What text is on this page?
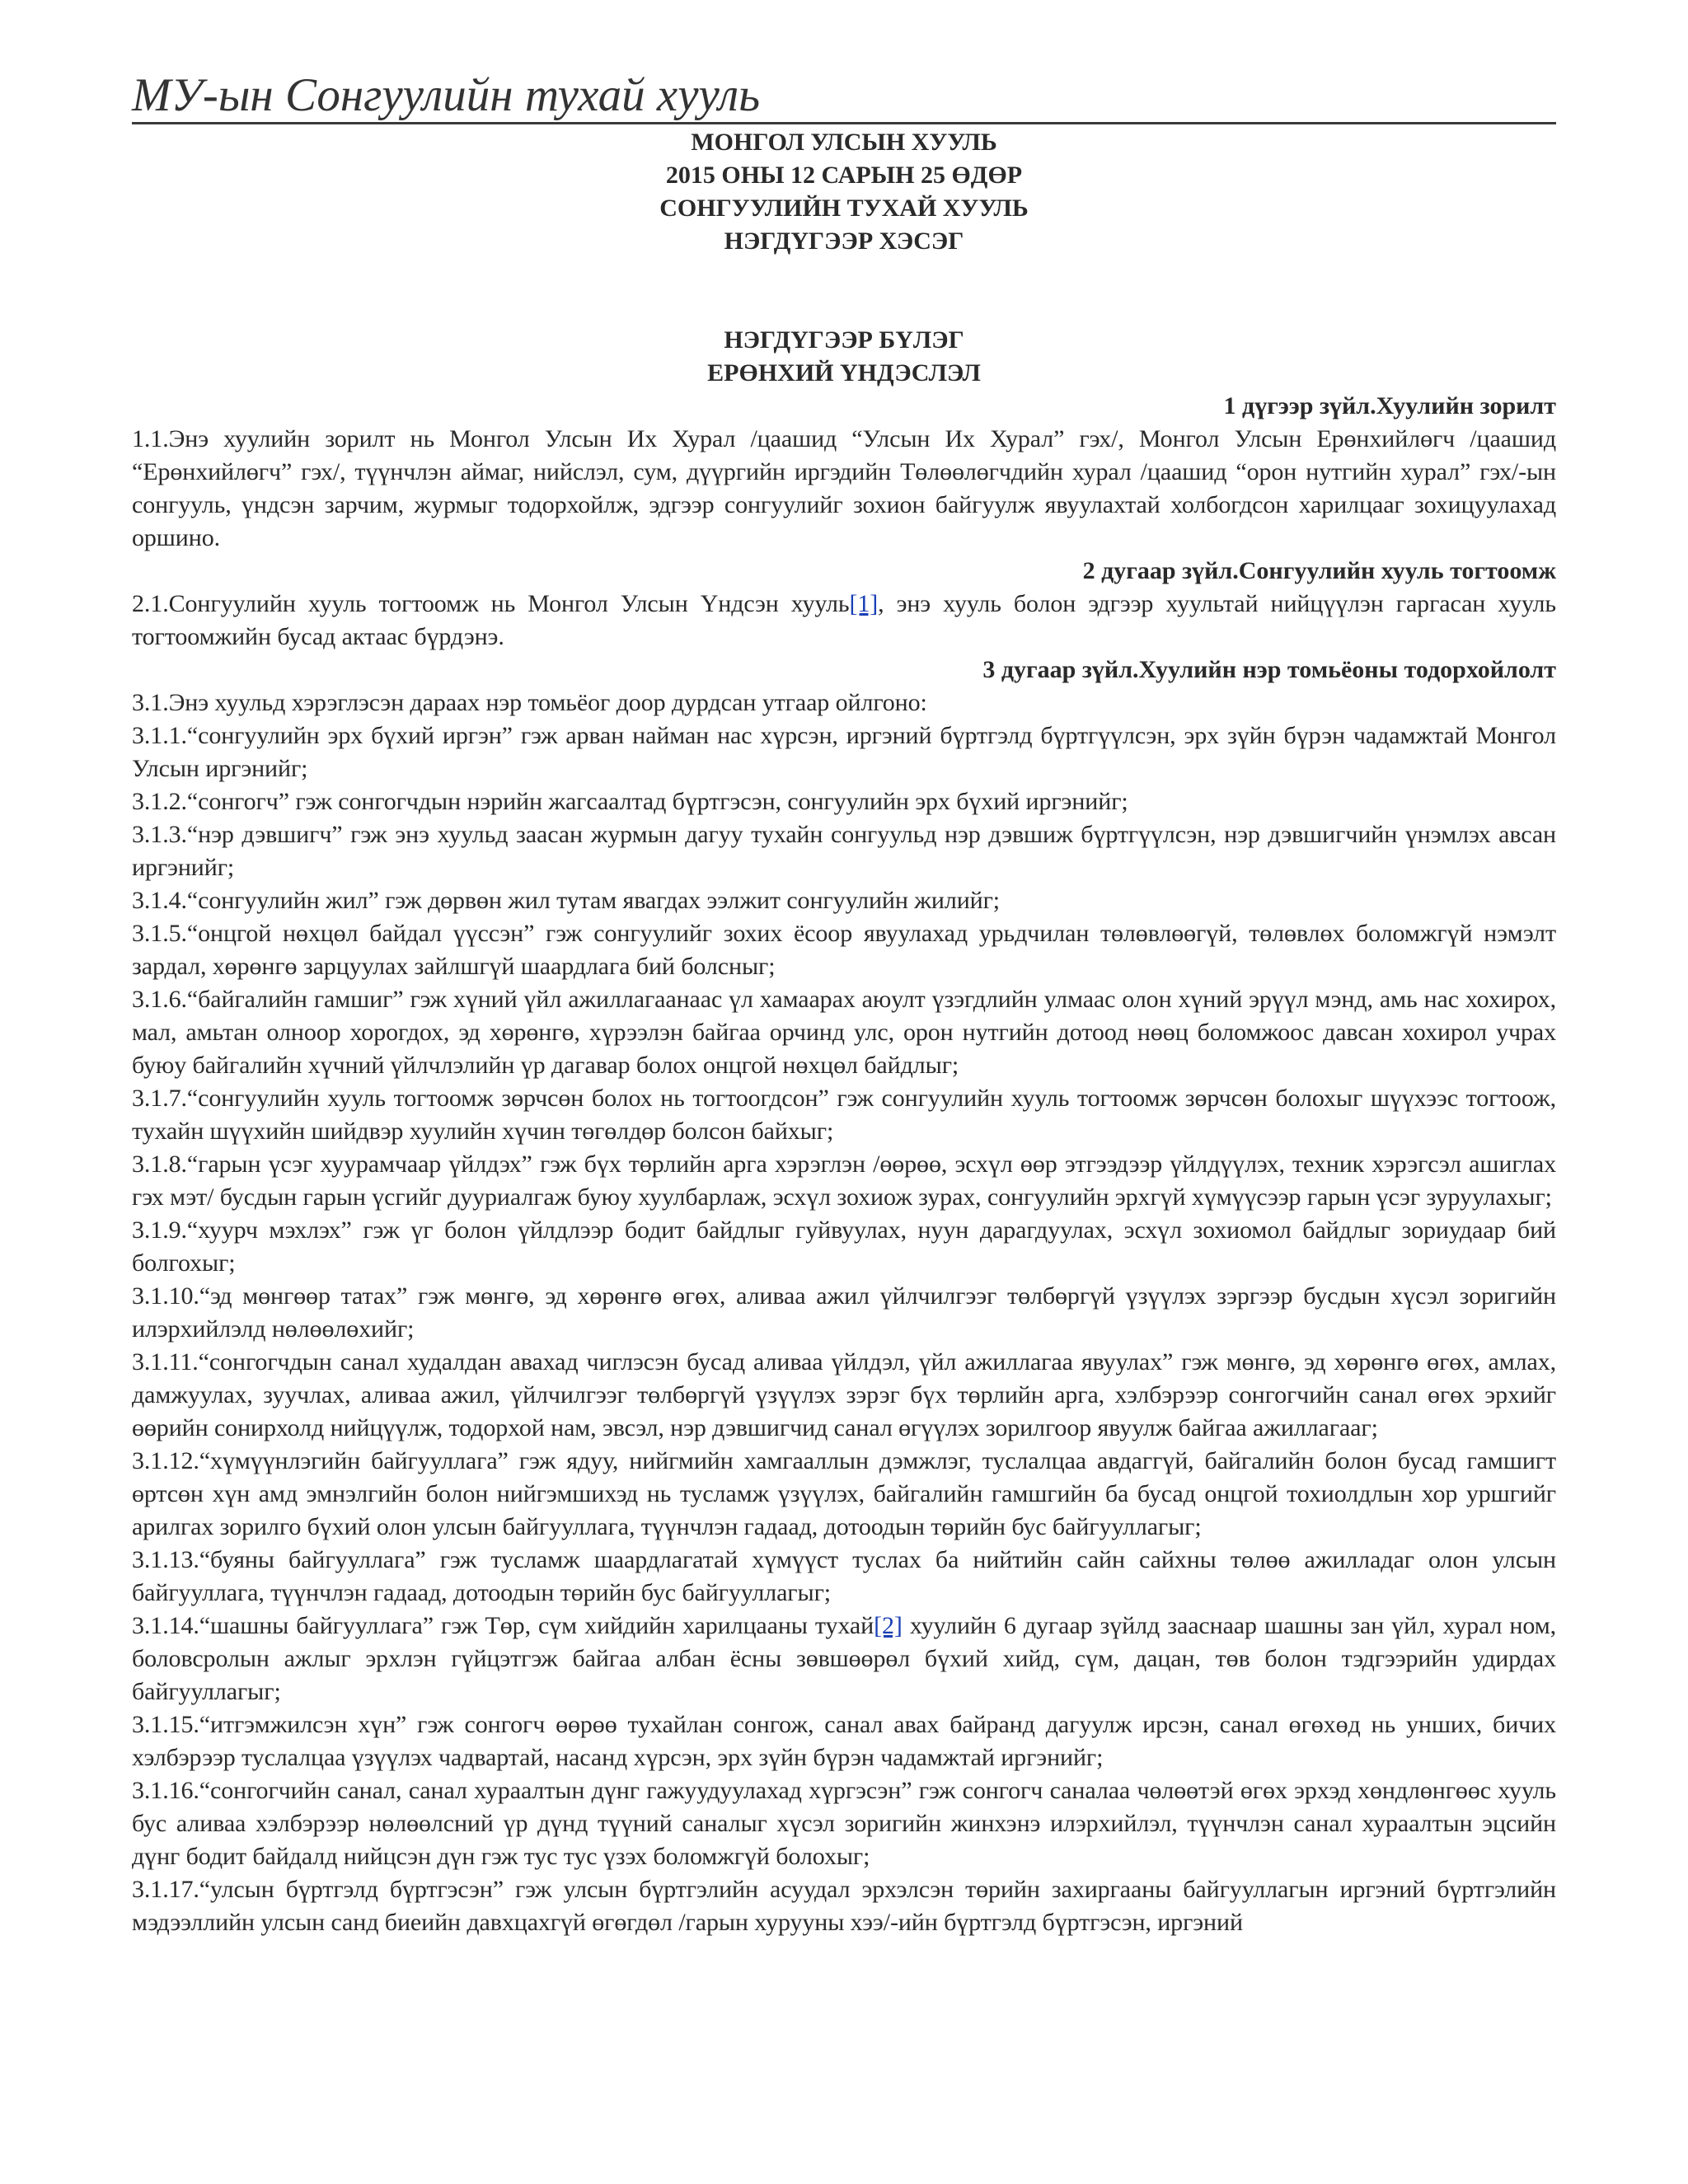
МУ-ын Сонгуулийн тухай хууль
МОНГОЛ УЛСЫН ХУУЛЬ
2015 ОНЫ 12 САРЫН 25 ӨДӨР
СОНГУУЛИЙН ТУХАЙ ХУУЛЬ
НЭГДҮГЭЭР ХЭСЭГ
НЭГДҮГЭЭР БҮЛЭГ
ЕРӨНХИЙ ҮНДЭСЛЭЛ
1 дүгээр зүйл.Хуулийн зорилт
1.1.Энэ хуулийн зорилт нь Монгол Улсын Их Хурал /цаашид “Улсын Их Хурал” гэх/, Монгол Улсын Ерөнхийлөгч /цаашид “Ерөнхийлөгч” гэх/, түүнчлэн аймаг, нийслэл, сум, дүүргийн иргэдийн Төлөөлөгчдийн хурал /цаашид “орон нутгийн хурал” гэх/-ын сонгууль, үндсэн зарчим, журмыг тодорхойлж, эдгээр сонгуулийг зохион байгуулж явуулахтай холбогдсон харилцааг зохицуулахад оршино.
2 дугаар зүйл.Сонгуулийн хууль тогтоомж
2.1.Сонгуулийн хууль тогтоомж нь Монгол Улсын Үндсэн хууль[1], энэ хууль болон эдгээр хуультай нийцүүлэн гаргасан хууль тогтоомжийн бусад актаас бүрдэнэ.
3 дугаар зүйл.Хуулийн нэр томьёоны тодорхойлолт
3.1.Энэ хуульд хэрэглэсэн дараах нэр томьёог доор дурдсан утгаар ойлгоно:
3.1.1.“сонгуулийн эрх бүхий иргэн” гэж арван найман нас хүрсэн, иргэний бүртгэлд бүртгүүлсэн, эрх зүйн бүрэн чадамжтай Монгол Улсын иргэнийг;
3.1.2.“сонгогч” гэж сонгогчдын нэрийн жагсаалтад бүртгэсэн, сонгуулийн эрх бүхий иргэнийг;
3.1.3.“нэр дэвшигч” гэж энэ хуульд заасан журмын дагуу тухайн сонгуульд нэр дэвшиж бүртгүүлсэн, нэр дэвшигчийн үнэмлэх авсан иргэнийг;
3.1.4.“сонгуулийн жил” гэж дөрвөн жил тутам явагдах ээлжит сонгуулийн жилийг;
3.1.5.“онцгой нөхцөл байдал үүссэн” гэж сонгуулийг зохих ёсоор явуулахад урьдчилан төлөвлөөгүй, төлөвлөх боломжгүй нэмэлт зардал, хөрөнгө зарцуулах зайлшгүй шаардлага бий болсныг;
3.1.6.“байгалийн гамшиг” гэж хүний үйл ажиллагаанаас үл хамаарах аюулт үзэгдлийн улмаас олон хүний эрүүл мэнд, амь нас хохирох, мал, амьтан олноор хорогдох, эд хөрөнгө, хүрээлэн байгаа орчинд улс, орон нутгийн дотоод нөөц боломжоос давсан хохирол учрах буюу байгалийн хүчний үйлчлэлийн үр дагавар болох онцгой нөхцөл байдлыг;
3.1.7.“сонгуулийн хууль тогтоомж зөрчсөн болох нь тогтоогдсон” гэж сонгуулийн хууль тогтоомж зөрчсөн болохыг шүүхээс тогтоож, тухайн шүүхийн шийдвэр хуулийн хүчин төгөлдөр болсон байхыг;
3.1.8.“гарын үсэг хуурамчаар үйлдэх” гэж бүх төрлийн арга хэрэглэн /өөрөө, эсхүл өөр этгээдээр үйлдүүлэх, техник хэрэгсэл ашиглах гэх мэт/ бусдын гарын үсгийг дууриалгаж буюу хуулбарлаж, эсхүл зохиож зурах, сонгуулийн эрхгүй хүмүүсээр гарын үсэг зуруулахыг;
3.1.9.“хуурч мэхлэх” гэж үг болон үйлдлээр бодит байдлыг гуйвуулах, нуун дарагдуулах, эсхүл зохиомол байдлыг зориудаар бий болгохыг;
3.1.10.“эд мөнгөөр татах” гэж мөнгө, эд хөрөнгө өгөх, аливаа ажил үйлчилгээг төлбөргүй үзүүлэх зэргээр бусдын хүсэл зоригийн илэрхийлэлд нөлөөлөхийг;
3.1.11.“сонгогчдын санал худалдан авахад чиглэсэн бусад аливаа үйлдэл, үйл ажиллагаа явуулах” гэж мөнгө, эд хөрөнгө өгөх, амлах, дамжуулах, зуучлах, аливаа ажил, үйлчилгээг төлбөргүй үзүүлэх зэрэг бүх төрлийн арга, хэлбэрээр сонгогчийн санал өгөх эрхийг өөрийн сонирхолд нийцүүлж, тодорхой нам, эвсэл, нэр дэвшигчид санал өгүүлэх зорилгоор явуулж байгаа ажиллагааг;
3.1.12.“хүмүүнлэгийн байгууллага” гэж ядуу, нийгмийн хамгааллын дэмжлэг, туслалцаа авдаггүй, байгалийн болон бусад гамшигт өртсөн хүн амд эмнэлгийн болон нийгэмшихэд нь тусламж үзүүлэх, байгалийн гамшгийн ба бусад онцгой тохиолдлын хор уршгийг арилгах зорилго бүхий олон улсын байгууллага, түүнчлэн гадаад, дотоодын төрийн бус байгууллагыг;
3.1.13.“буяны байгууллага” гэж тусламж шаардлагатай хүмүүст туслах ба нийтийн сайн сайхны төлөө ажилладаг олон улсын байгууллага, түүнчлэн гадаад, дотоодын төрийн бус байгууллагыг;
3.1.14.“шашны байгууллага” гэж Төр, сүм хийдийн харилцааны тухай[2] хуулийн 6 дугаар зүйлд зааснаар шашны зан үйл, хурал ном, боловсролын ажлыг эрхлэн гүйцэтгэж байгаа албан ёсны зөвшөөрөл бүхий хийд, сүм, дацан, төв болон тэдгээрийн удирдах байгууллагыг;
3.1.15.“итгэмжилсэн хүн” гэж сонгогч өөрөө тухайлан сонгож, санал авах байранд дагуулж ирсэн, санал өгөхөд нь унших, бичих хэлбэрээр туслалцаа үзүүлэх чадвартай, насанд хүрсэн, эрх зүйн бүрэн чадамжтай иргэнийг;
3.1.16.“сонгогчийн санал, санал хураалтын дүнг гажуудуулахад хүргэсэн” гэж сонгогч саналаа чөлөөтэй өгөх эрхэд хөндлөнгөөс хууль бус аливаа хэлбэрээр нөлөөлсний үр дүнд түүний саналыг хүсэл зоригийн жинхэнэ илэрхийлэл, түүнчлэн санал хураалтын эцсийн дүнг бодит байдалд нийцсэн дүн гэж тус тус үзэх боломжгүй болохыг;
3.1.17.“улсын бүртгэлд бүртгэсэн” гэж улсын бүртгэлийн асуудал эрхэлсэн төрийн захиргааны байгууллагын иргэний бүртгэлийн мэдээллийн улсын санд биеийн давхцахгүй өгөгдөл /гарын хурууны хээ/-ийн бүртгэлд бүртгэсэн, иргэний
